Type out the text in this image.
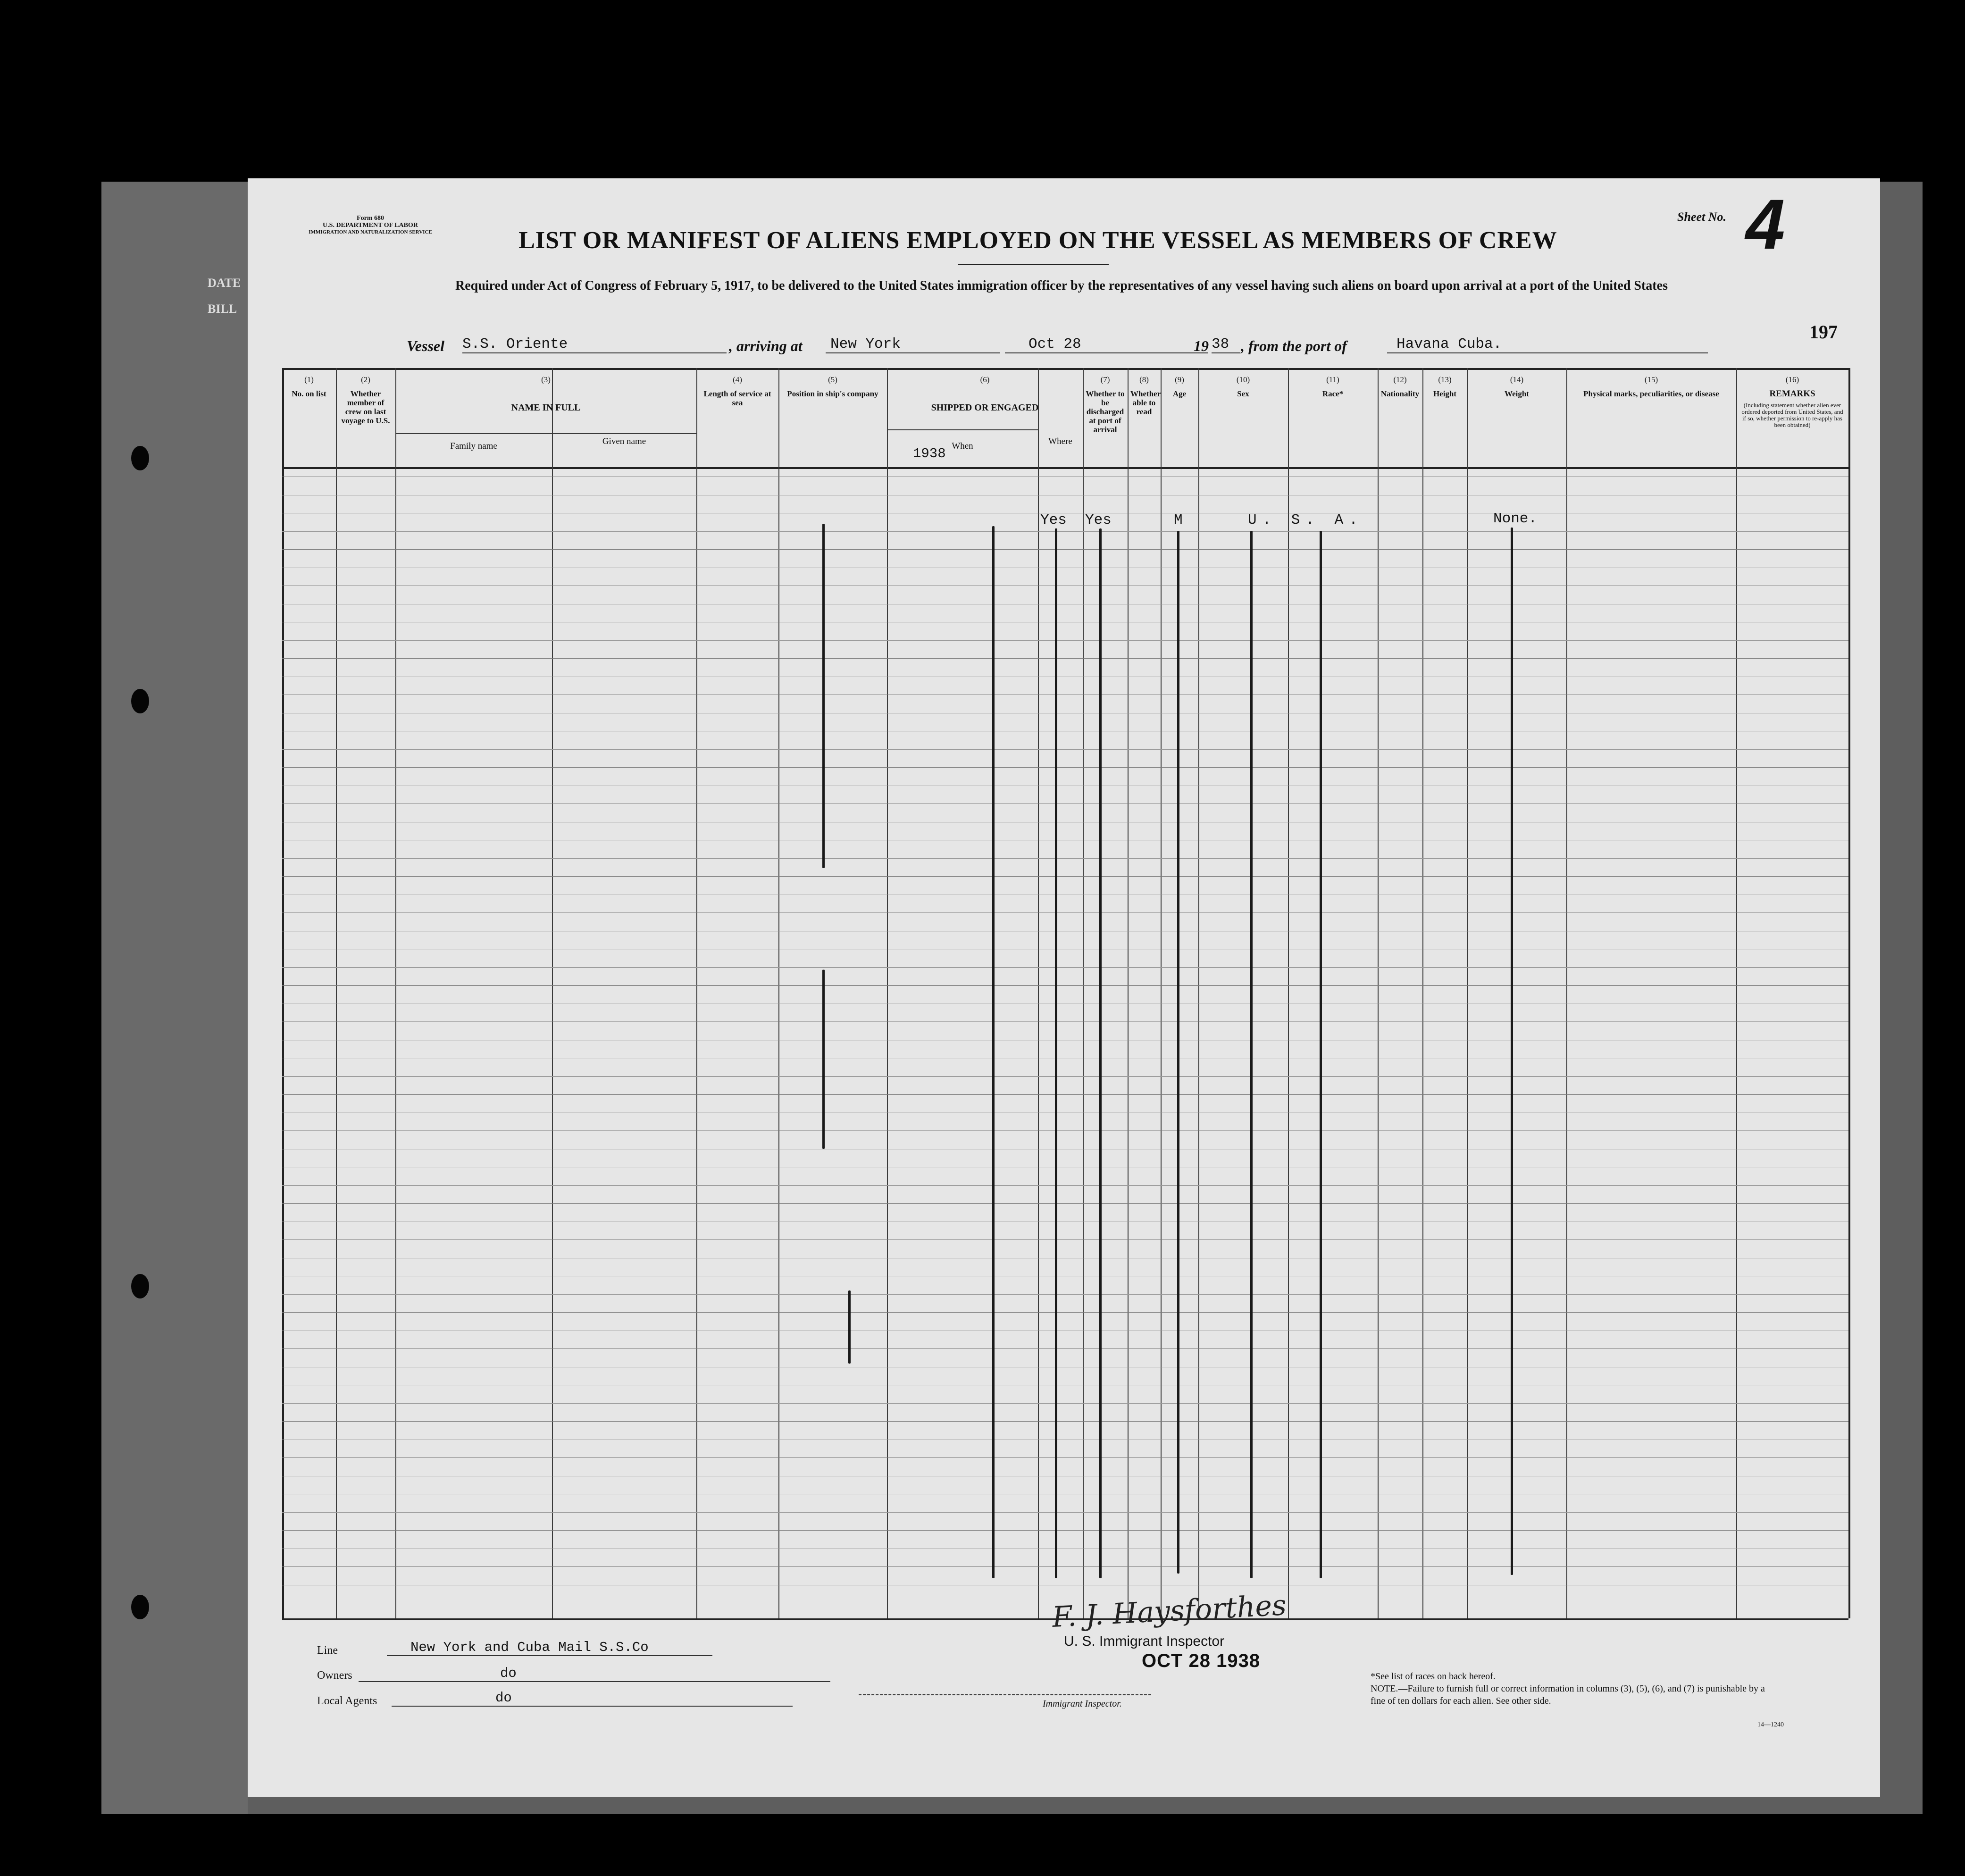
DATE
BILL
Form 680
U.S. DEPARTMENT OF LABOR
IMMIGRATION AND NATURALIZATION SERVICE
Sheet No. 4
LIST OR MANIFEST OF ALIENS EMPLOYED ON THE VESSEL AS MEMBERS OF CREW
Required under Act of Congress of February 5, 1917, to be delivered to the United States immigration officer by the representatives of any vessel having such aliens on board upon arrival at a port of the United States
197
Vessel S.S. Oriente	, arriving at	New York	Oct 28	19 38 , from the port of	Havana Cuba.
(1)
No. on list
(2)
Whether member of crew on last voyage to U.S.
(3)
NAME IN FULL
Family name	Given name
(4)
Length of service at sea
(5)
Position in ship's company
(6)
SHIPPED OR ENGAGED
When	Where
1938
(7)
Whether to be discharged at port of arrival
(8)
Whether able to read
(9)
Age
(10)
Sex
(11)
Race*
(12)
Nationality
(13)
Height
(14)
Weight
(15)
Physical marks, peculiarities, or disease
(16)
REMARKS
(Including statement whether alien ever ordered deported from United States, and if so, whether permission to re-apply has been obtained)
Yes Yes	M	U. S. A.	None.
Line	New York and Cuba Mail S.S.Co
Owners	do
Local Agents	do
F. J. Haysforthes
U. S. Immigrant Inspector
OCT 28 1938
Immigrant Inspector.
*See list of races on back hereof.
NOTE.—Failure to furnish full or correct information in columns (3), (5), (6), and (7) is punishable by a fine of ten dollars for each alien. See other side.
14—1240
